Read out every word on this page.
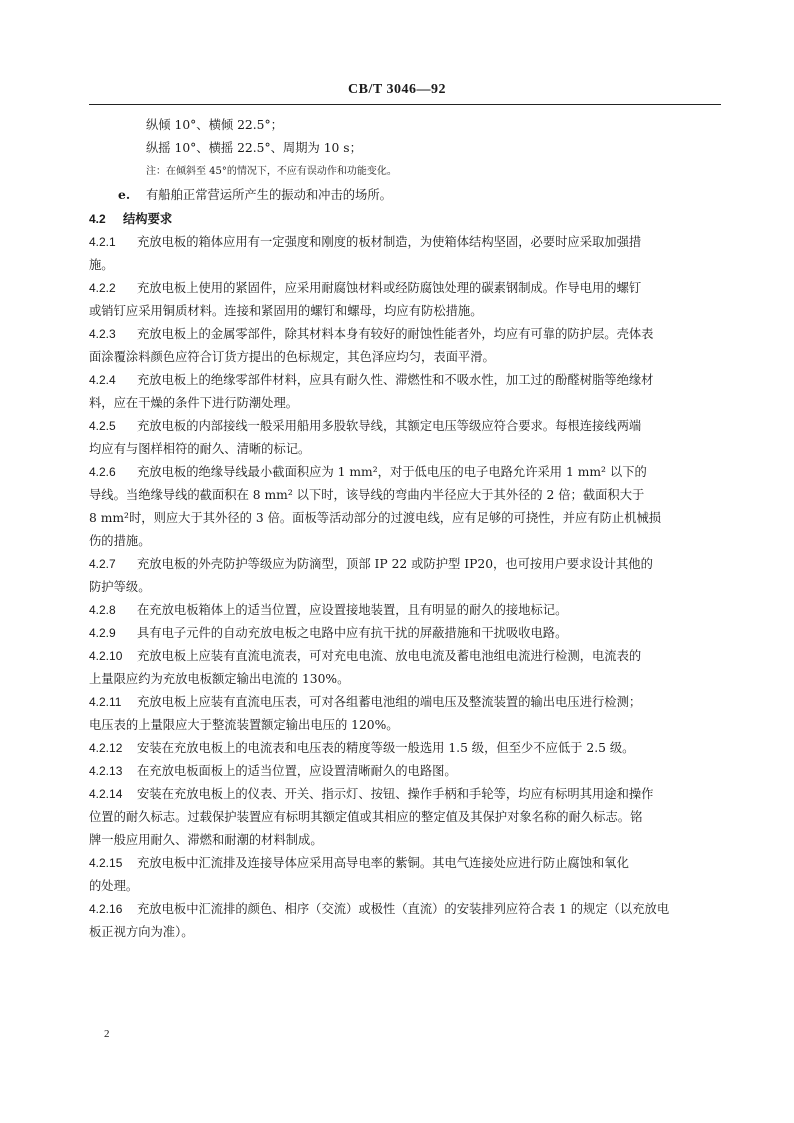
CB/T 3046—92
纵倾 10°、横倾 22.5°；
纵摇 10°、横摇 22.5°、周期为 10 s；
注：在倾斜至 45°的情况下，不应有误动作和功能变化。
e. 有船舶正常营运所产生的振动和冲击的场所。
4.2 结构要求
4.2.1 充放电板的箱体应用有一定强度和刚度的板材制造，为使箱体结构坚固，必要时应采取加强措
施。
4.2.2 充放电板上使用的紧固件，应采用耐腐蚀材料或经防腐蚀处理的碳素钢制成。作导电用的螺钉
或销钉应采用铜质材料。连接和紧固用的螺钉和螺母，均应有防松措施。
4.2.3 充放电板上的金属零部件，除其材料本身有较好的耐蚀性能者外，均应有可靠的防护层。壳体表
面涂覆涂料颜色应符合订货方提出的色标规定，其色泽应均匀，表面平滑。
4.2.4 充放电板上的绝缘零部件材料，应具有耐久性、滞燃性和不吸水性，加工过的酚醛树脂等绝缘材
料，应在干燥的条件下进行防潮处理。
4.2.5 充放电板的内部接线一般采用船用多股软导线，其额定电压等级应符合要求。每根连接线两端
均应有与图样相符的耐久、清晰的标记。
4.2.6 充放电板的绝缘导线最小截面积应为 1 mm²，对于低电压的电子电路允许采用 1 mm² 以下的
导线。当绝缘导线的截面积在 8 mm² 以下时，该导线的弯曲内半径应大于其外径的 2 倍；截面积大于
8 mm²时，则应大于其外径的 3 倍。面板等活动部分的过渡电线，应有足够的可挠性，并应有防止机械损
伤的措施。
4.2.7 充放电板的外壳防护等级应为防滴型，顶部 IP 22 或防护型 IP20，也可按用户要求设计其他的
防护等级。
4.2.8 在充放电板箱体上的适当位置，应设置接地装置，且有明显的耐久的接地标记。
4.2.9 具有电子元件的自动充放电板之电路中应有抗干扰的屏蔽措施和干扰吸收电路。
4.2.10 充放电板上应装有直流电流表，可对充电电流、放电电流及蓄电池组电流进行检测，电流表的
上量限应约为充放电板额定输出电流的 130%。
4.2.11 充放电板上应装有直流电压表，可对各组蓄电池组的端电压及整流装置的输出电压进行检测；
电压表的上量限应大于整流装置额定输出电压的 120%。
4.2.12 安装在充放电板上的电流表和电压表的精度等级一般选用 1.5 级，但至少不应低于 2.5 级。
4.2.13 在充放电板面板上的适当位置，应设置清晰耐久的电路图。
4.2.14 安装在充放电板上的仪表、开关、指示灯、按钮、操作手柄和手轮等，均应有标明其用途和操作
位置的耐久标志。过载保护装置应有标明其额定值或其相应的整定值及其保护对象名称的耐久标志。铭
牌一般应用耐久、滞燃和耐潮的材料制成。
4.2.15 充放电板中汇流排及连接导体应采用高导电率的紫铜。其电气连接处应进行防止腐蚀和氧化
的处理。
4.2.16 充放电板中汇流排的颜色、相序（交流）或极性（直流）的安装排列应符合表 1 的规定（以充放电
板正视方向为准）。
2
